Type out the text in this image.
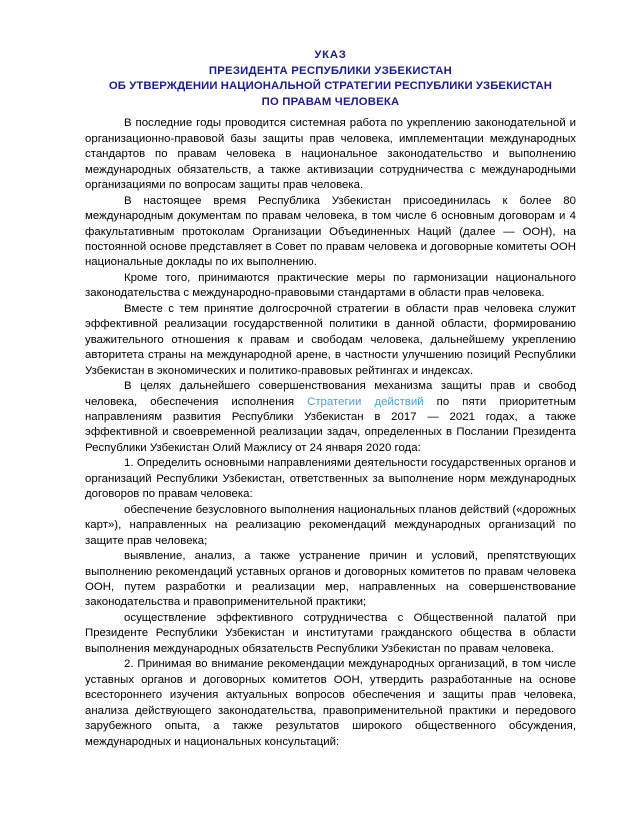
УКАЗ
ПРЕЗИДЕНТА РЕСПУБЛИКИ УЗБЕКИСТАН
ОБ УТВЕРЖДЕНИИ НАЦИОНАЛЬНОЙ СТРАТЕГИИ РЕСПУБЛИКИ УЗБЕКИСТАН
ПО ПРАВАМ ЧЕЛОВЕКА

В последние годы проводится системная работа по укреплению законодательной и организационно-правовой базы защиты прав человека, имплементации международных стандартов по правам человека в национальное законодательство и выполнению международных обязательств, а также активизации сотрудничества с международными организациями по вопросам защиты прав человека.

В настоящее время Республика Узбекистан присоединилась к более 80 международным документам по правам человека, в том числе 6 основным договорам и 4 факультативным протоколам Организации Объединенных Наций (далее — ООН), на постоянной основе представляет в Совет по правам человека и договорные комитеты ООН национальные доклады по их выполнению.

Кроме того, принимаются практические меры по гармонизации национального законодательства с международно-правовыми стандартами в области прав человека.

Вместе с тем принятие долгосрочной стратегии в области прав человека служит эффективной реализации государственной политики в данной области, формированию уважительного отношения к правам и свободам человека, дальнейшему укреплению авторитета страны на международной арене, в частности улучшению позиций Республики Узбекистан в экономических и политико-правовых рейтингах и индексах.

В целях дальнейшего совершенствования механизма защиты прав и свобод человека, обеспечения исполнения Стратегии действий по пяти приоритетным направлениям развития Республики Узбекистан в 2017 — 2021 годах, а также эффективной и своевременной реализации задач, определенных в Послании Президента Республики Узбекистан Олий Мажлису от 24 января 2020 года:

1. Определить основными направлениями деятельности государственных органов и организаций Республики Узбекистан, ответственных за выполнение норм международных договоров по правам человека:

обеспечение безусловного выполнения национальных планов действий («дорожных карт»), направленных на реализацию рекомендаций международных организаций по защите прав человека;

выявление, анализ, а также устранение причин и условий, препятствующих выполнению рекомендаций уставных органов и договорных комитетов по правам человека ООН, путем разработки и реализации мер, направленных на совершенствование законодательства и правоприменительной практики;

осуществление эффективного сотрудничества с Общественной палатой при Президенте Республики Узбекистан и институтами гражданского общества в области выполнения международных обязательств Республики Узбекистан по правам человека.

2. Принимая во внимание рекомендации международных организаций, в том числе уставных органов и договорных комитетов ООН, утвердить разработанные на основе всестороннего изучения актуальных вопросов обеспечения и защиты прав человека, анализа действующего законодательства, правоприменительной практики и передового зарубежного опыта, а также результатов широкого общественного обсуждения, международных и национальных консультаций:
